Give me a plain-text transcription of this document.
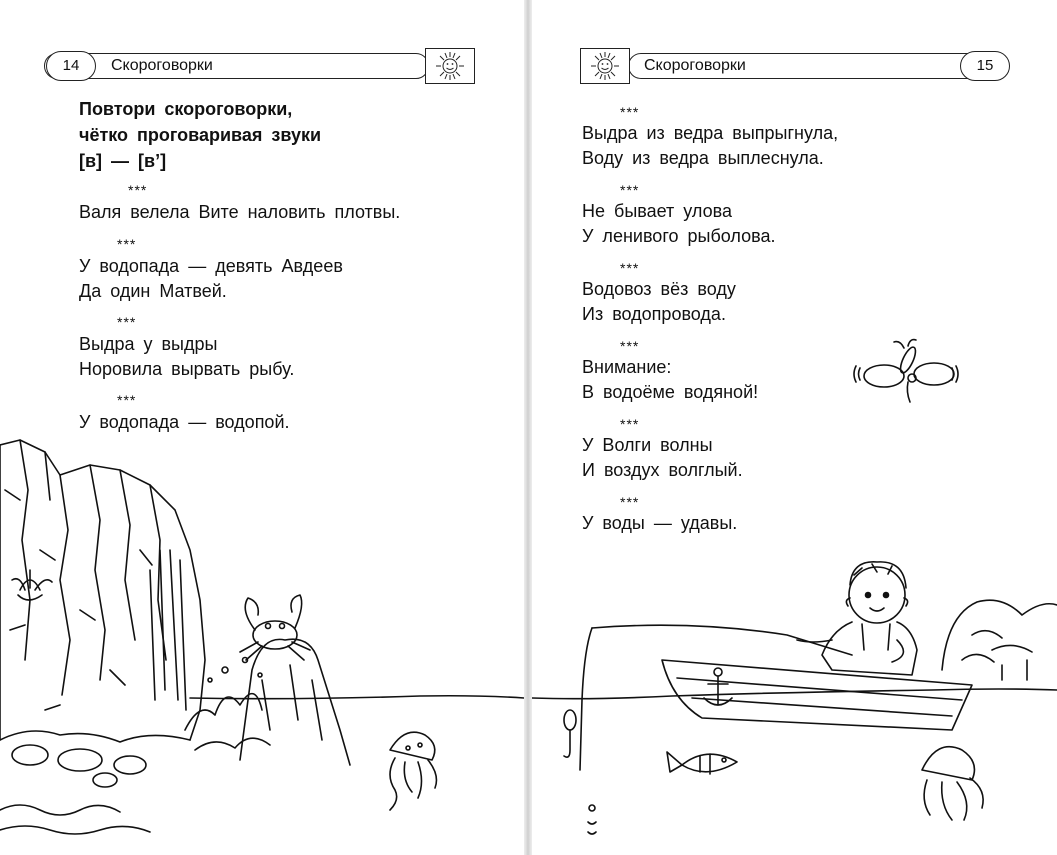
14	Скороговорки
Повтори скороговорки,
чётко проговаривая звуки
[в] — [в’]
***
Валя велела Вите наловить плотвы.
***
У водопада — девять Авдеев
Да один Матвей.
***
Выдра у выдры
Норовила вырвать рыбу.
***
У водопада — водопой.
Скороговорки	15
***
Выдра из ведра выпрыгнула,
Воду из ведра выплеснула.
***
Не бывает улова
У ленивого рыболова.
***
Водовоз вёз воду
Из водопровода.
***
Внимание:
В водоёме водяной!
***
У Волги волны
И воздух волглый.
***
У воды — удавы.
